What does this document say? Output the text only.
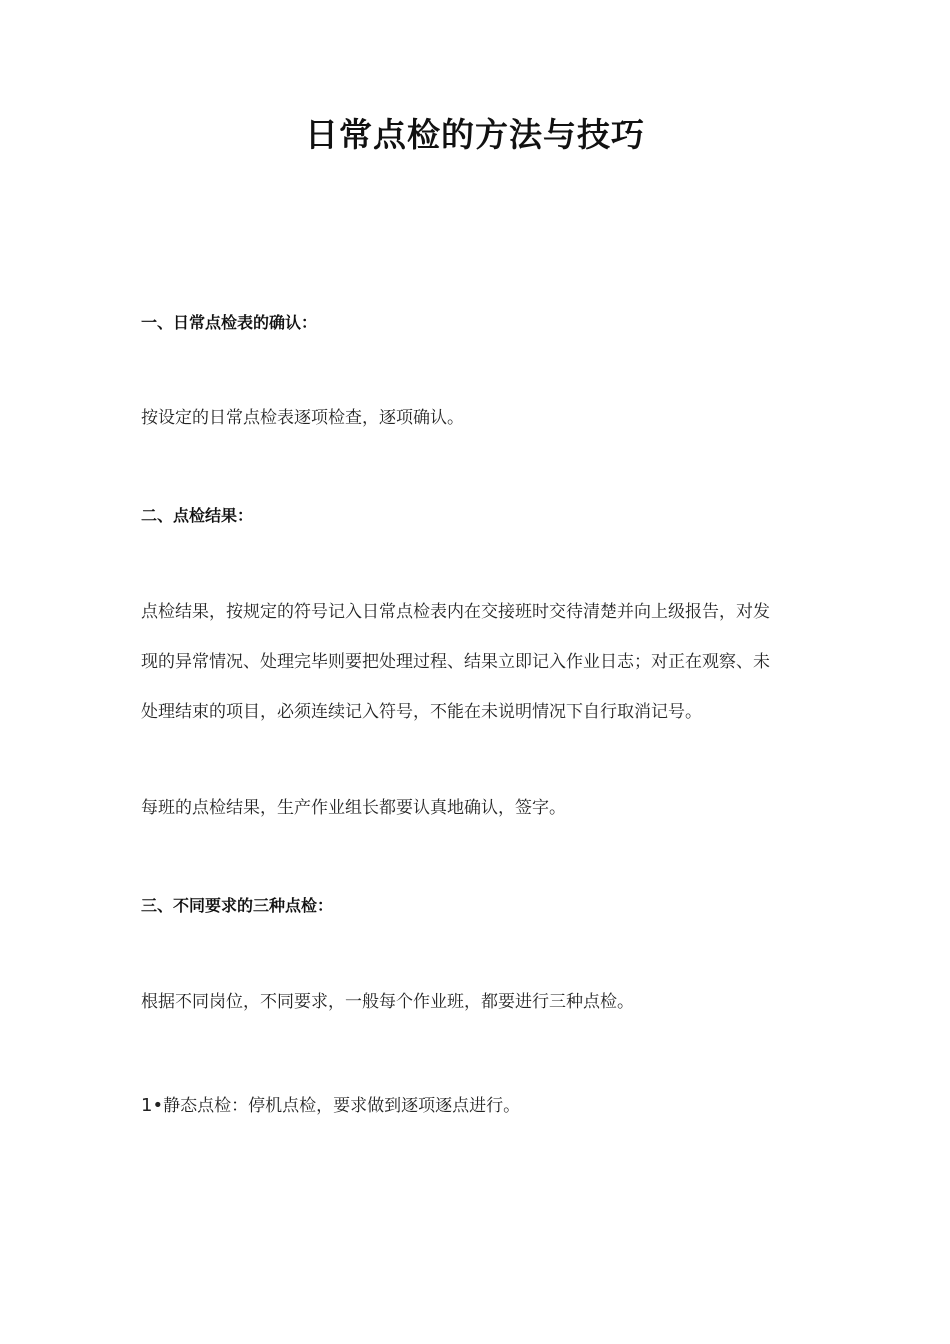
日常点检的方法与技巧
一、日常点检表的确认：
按设定的日常点检表逐项检查，逐项确认。
二、点检结果：
点检结果，按规定的符号记入日常点检表内在交接班时交待清楚并向上级报告，对发
现的异常情况、处理完毕则要把处理过程、结果立即记入作业日志；对正在观察、未
处理结束的项目，必须连续记入符号，不能在未说明情况下自行取消记号。
每班的点检结果，生产作业组长都要认真地确认，签字。
三、不同要求的三种点检：
根据不同岗位，不同要求，一般每个作业班，都要进行三种点检。
1•静态点检：停机点检，要求做到逐项逐点进行。
